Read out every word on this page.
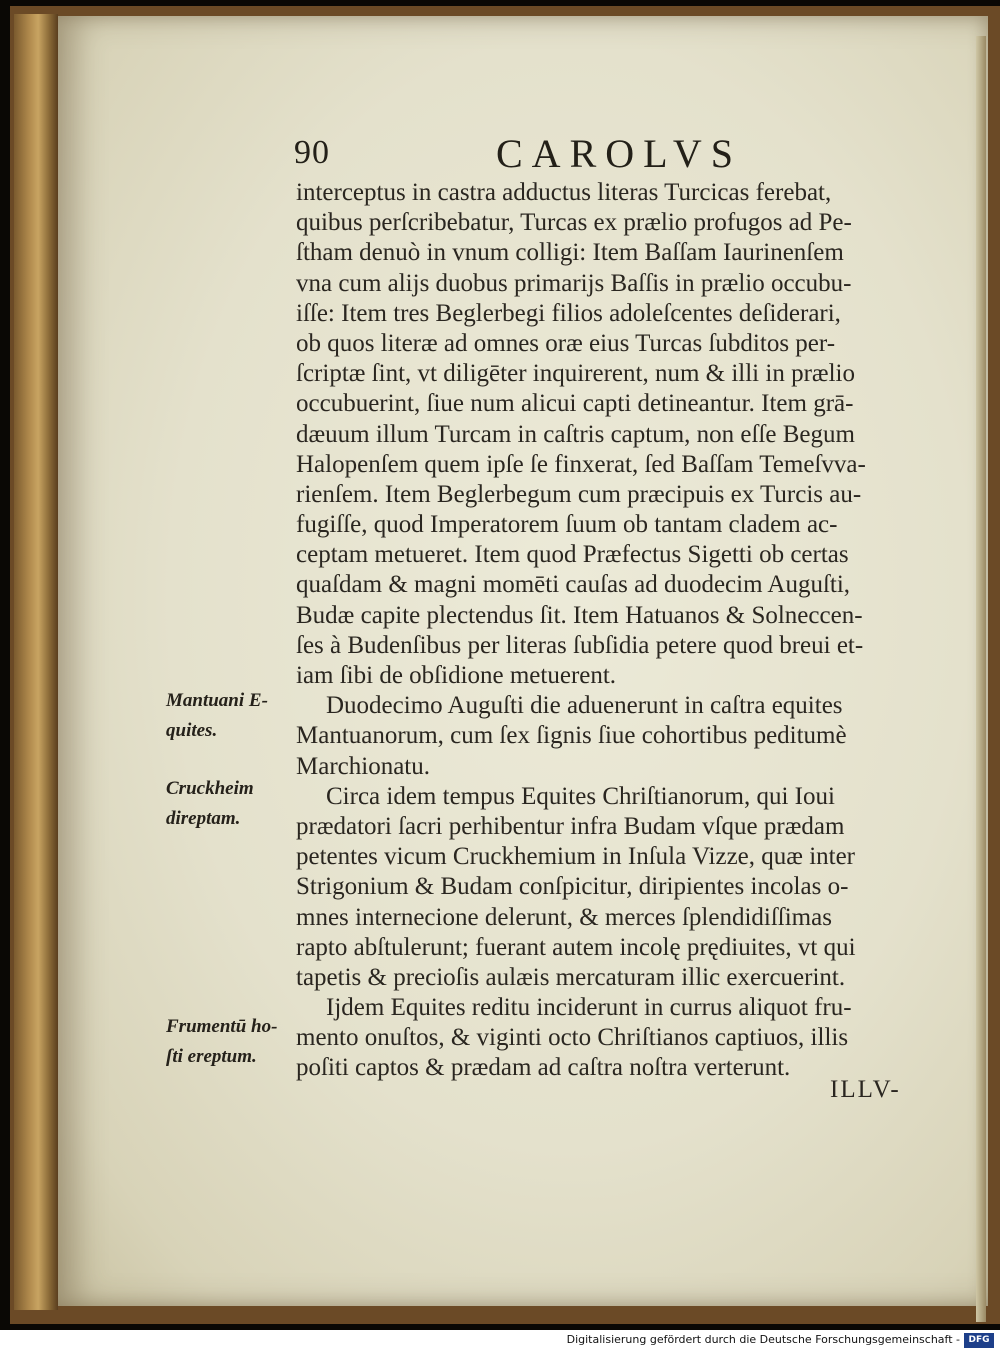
90	CAROLVS
interceptus in castra adductus literas Turcicas ferebat,
quibus perſcribebatur, Turcas ex prælio profugos ad Pe-
ſtham denuò in vnum colligi: Item Baſſam Iaurinenſem
vna cum alijs duobus primarijs Baſſis in prælio occubu-
iſſe: Item tres Beglerbegi filios adoleſcentes deſiderari,
ob quos literæ ad omnes oræ eius Turcas ſubditos per-
ſcriptæ ſint, vt diligēter inquirerent, num & illi in prælio
occubuerint, ſiue num alicui capti detineantur. Item grā-
dæuum illum Turcam in caſtris captum, non eſſe Begum
Halopenſem quem ipſe ſe finxerat, ſed Baſſam Temeſvva-
rienſem. Item Beglerbegum cum præcipuis ex Turcis au-
fugiſſe, quod Imperatorem ſuum ob tantam cladem ac-
ceptam metueret. Item quod Præfectus Sigetti ob certas
quaſdam & magni momēti cauſas ad duodecim Auguſti,
Budæ capite plectendus ſit. Item Hatuanos & Solneccen-
ſes à Budenſibus per literas ſubſidia petere quod breui et-
iam ſibi de obſidione metuerent.
Duodecimo Auguſti die aduenerunt in caſtra equites
Mantuanorum, cum ſex ſignis ſiue cohortibus peditumè
Marchionatu.
Circa idem tempus Equites Chriſtianorum, qui Ioui
prædatori ſacri perhibentur infra Budam vſque prædam
petentes vicum Cruckhemium in Inſula Vizze, quæ inter
Strigonium & Budam conſpicitur, diripientes incolas o-
mnes internecione delerunt, & merces ſplendidiſſimas
rapto abſtulerunt; fuerant autem incolę prędiuites, vt qui
tapetis & precioſis aulæis mercaturam illic exercuerint.
Ijdem Equites reditu inciderunt in currus aliquot fru-
mento onuſtos, & viginti octo Chriſtianos captiuos, illis
poſiti captos & prædam ad caſtra noſtra verterunt.
Mantuani E-
quites.
Cruckheim
direptam.
Frumentū ho-
ſti ereptum.
ILLV-
Digitalisierung gefördert durch die Deutsche Forschungsgemeinschaft - DFG
